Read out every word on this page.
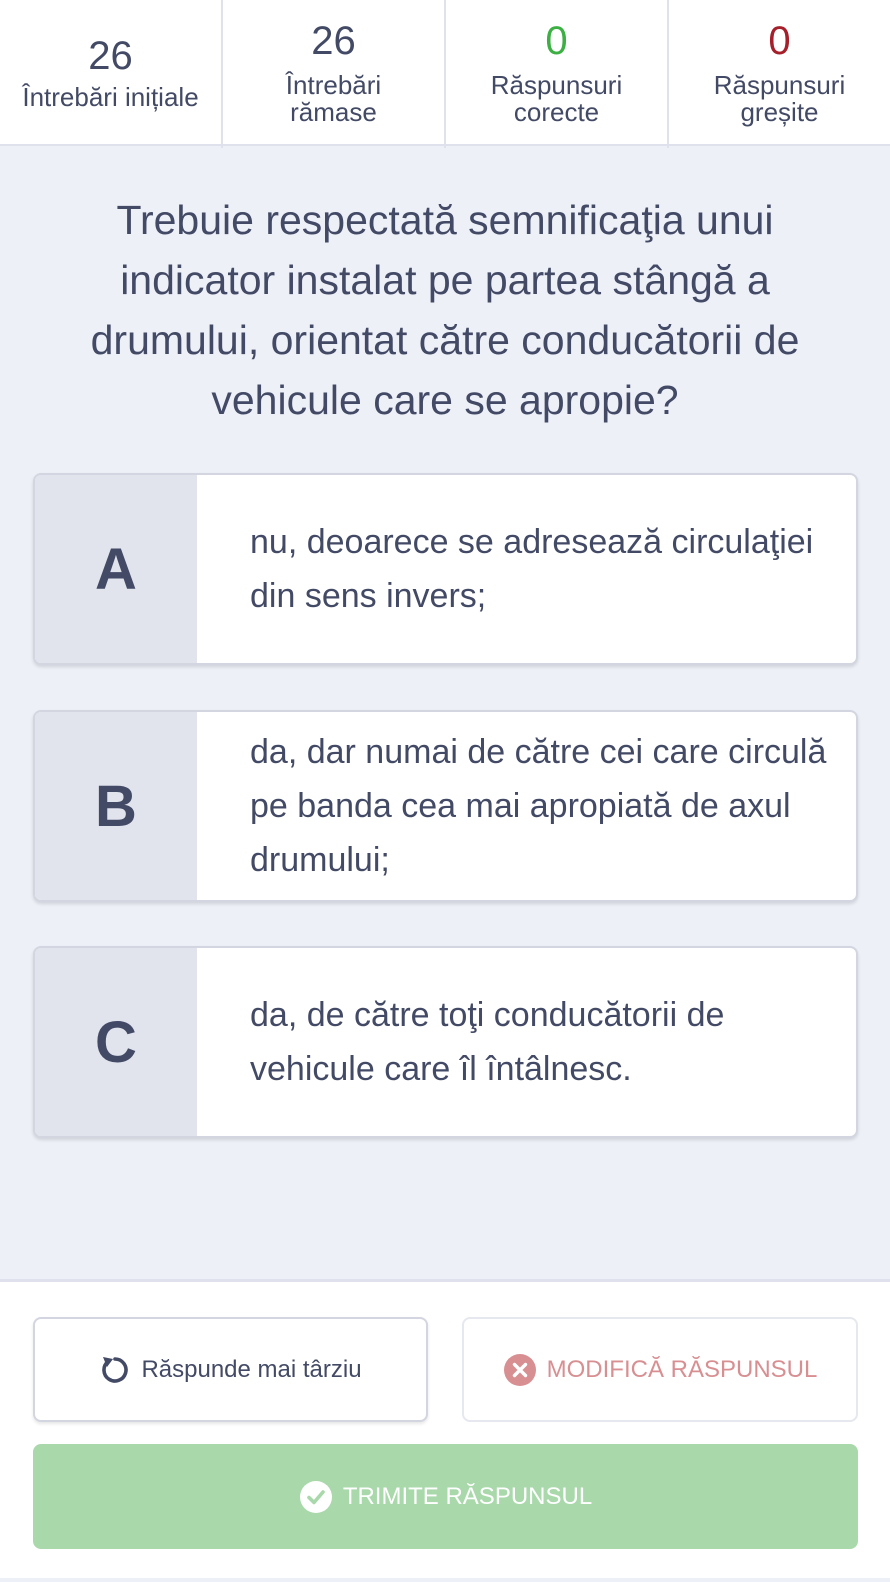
26
Întrebări inițiale
26
Întrebări
rămase
0
Răspunsuri
corecte
0
Răspunsuri
greșite
Trebuie respectată semnificaţia unui indicator instalat pe partea stângă a drumului, orientat către conducătorii de vehicule care se apropie?
A	nu, deoarece se adresează circulaţiei din sens invers;
B
da, dar numai de către cei care circulă pe banda cea mai apropiată de axul drumului;
C	da, de către toţi conducătorii de vehicule care îl întâlnesc.
Răspunde mai târziu	MODIFICĂ RĂSPUNSUL
TRIMITE RĂSPUNSUL
